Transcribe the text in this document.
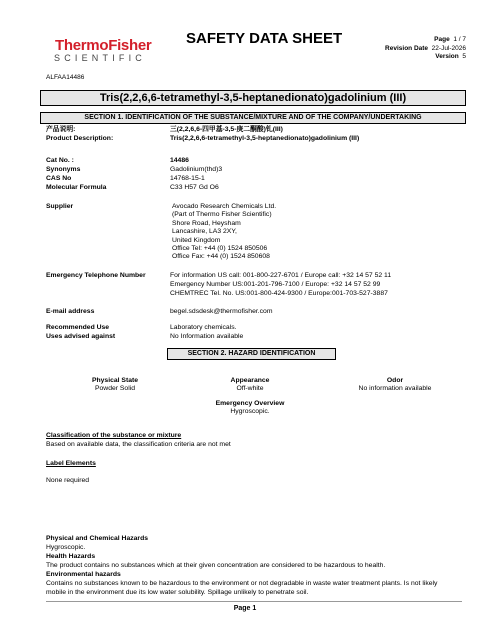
ThermoFisher
SCIENTIFIC
SAFETY DATA SHEET	Page 1 / 7
Revision Date 22-Jul-2026
Version 5
ALFAA14486
Tris(2,2,6,6-tetramethyl-3,5-heptanedionato)gadolinium (III)
SECTION 1. IDENTIFICATION OF THE SUBSTANCE/MIXTURE AND OF THE COMPANY/UNDERTAKING
产品说明:	三(2,2,6,6-四甲基-3,5-庚二酮酸)钆(III)
Product Description:	Tris(2,2,6,6-tetramethyl-3,5-heptanedionato)gadolinium (III)
Cat No. :	14486
Synonyms	Gadolinium(thd)3
CAS No	14768-15-1
Molecular Formula	C33 H57 Gd O6
Supplier	Avocado Research Chemicals Ltd.
(Part of Thermo Fisher Scientific)
Shore Road, Heysham
Lancashire, LA3 2XY,
United Kingdom
Office Tel: +44 (0) 1524 850506
Office Fax: +44 (0) 1524 850608
Emergency Telephone Number	For information US call: 001-800-227-6701 / Europe call: +32 14 57 52 11
Emergency Number US:001-201-796-7100 / Europe: +32 14 57 52 99
CHEMTREC Tel. No. US:001-800-424-9300 / Europe:001-703-527-3887
E-mail address	begel.sdsdesk@thermofisher.com
Recommended Use	Laboratory chemicals.
Uses advised against	No Information available
SECTION 2. HAZARD IDENTIFICATION
Physical State
Powder Solid
Appearance
Off-white
Odor
No information available
Emergency Overview
Hygroscopic.
Classification of the substance or mixture
Based on available data, the classification criteria are not met
Label Elements
None required
Physical and Chemical Hazards
Hygroscopic.
Health Hazards
The product contains no substances which at their given concentration are considered to be hazardous to health.
Environmental hazards
Contains no substances known to be hazardous to the environment or not degradable in waste water treatment plants. Is not likely
mobile in the environment due its low water solubility. Spillage unlikely to penetrate soil.
Page 1
